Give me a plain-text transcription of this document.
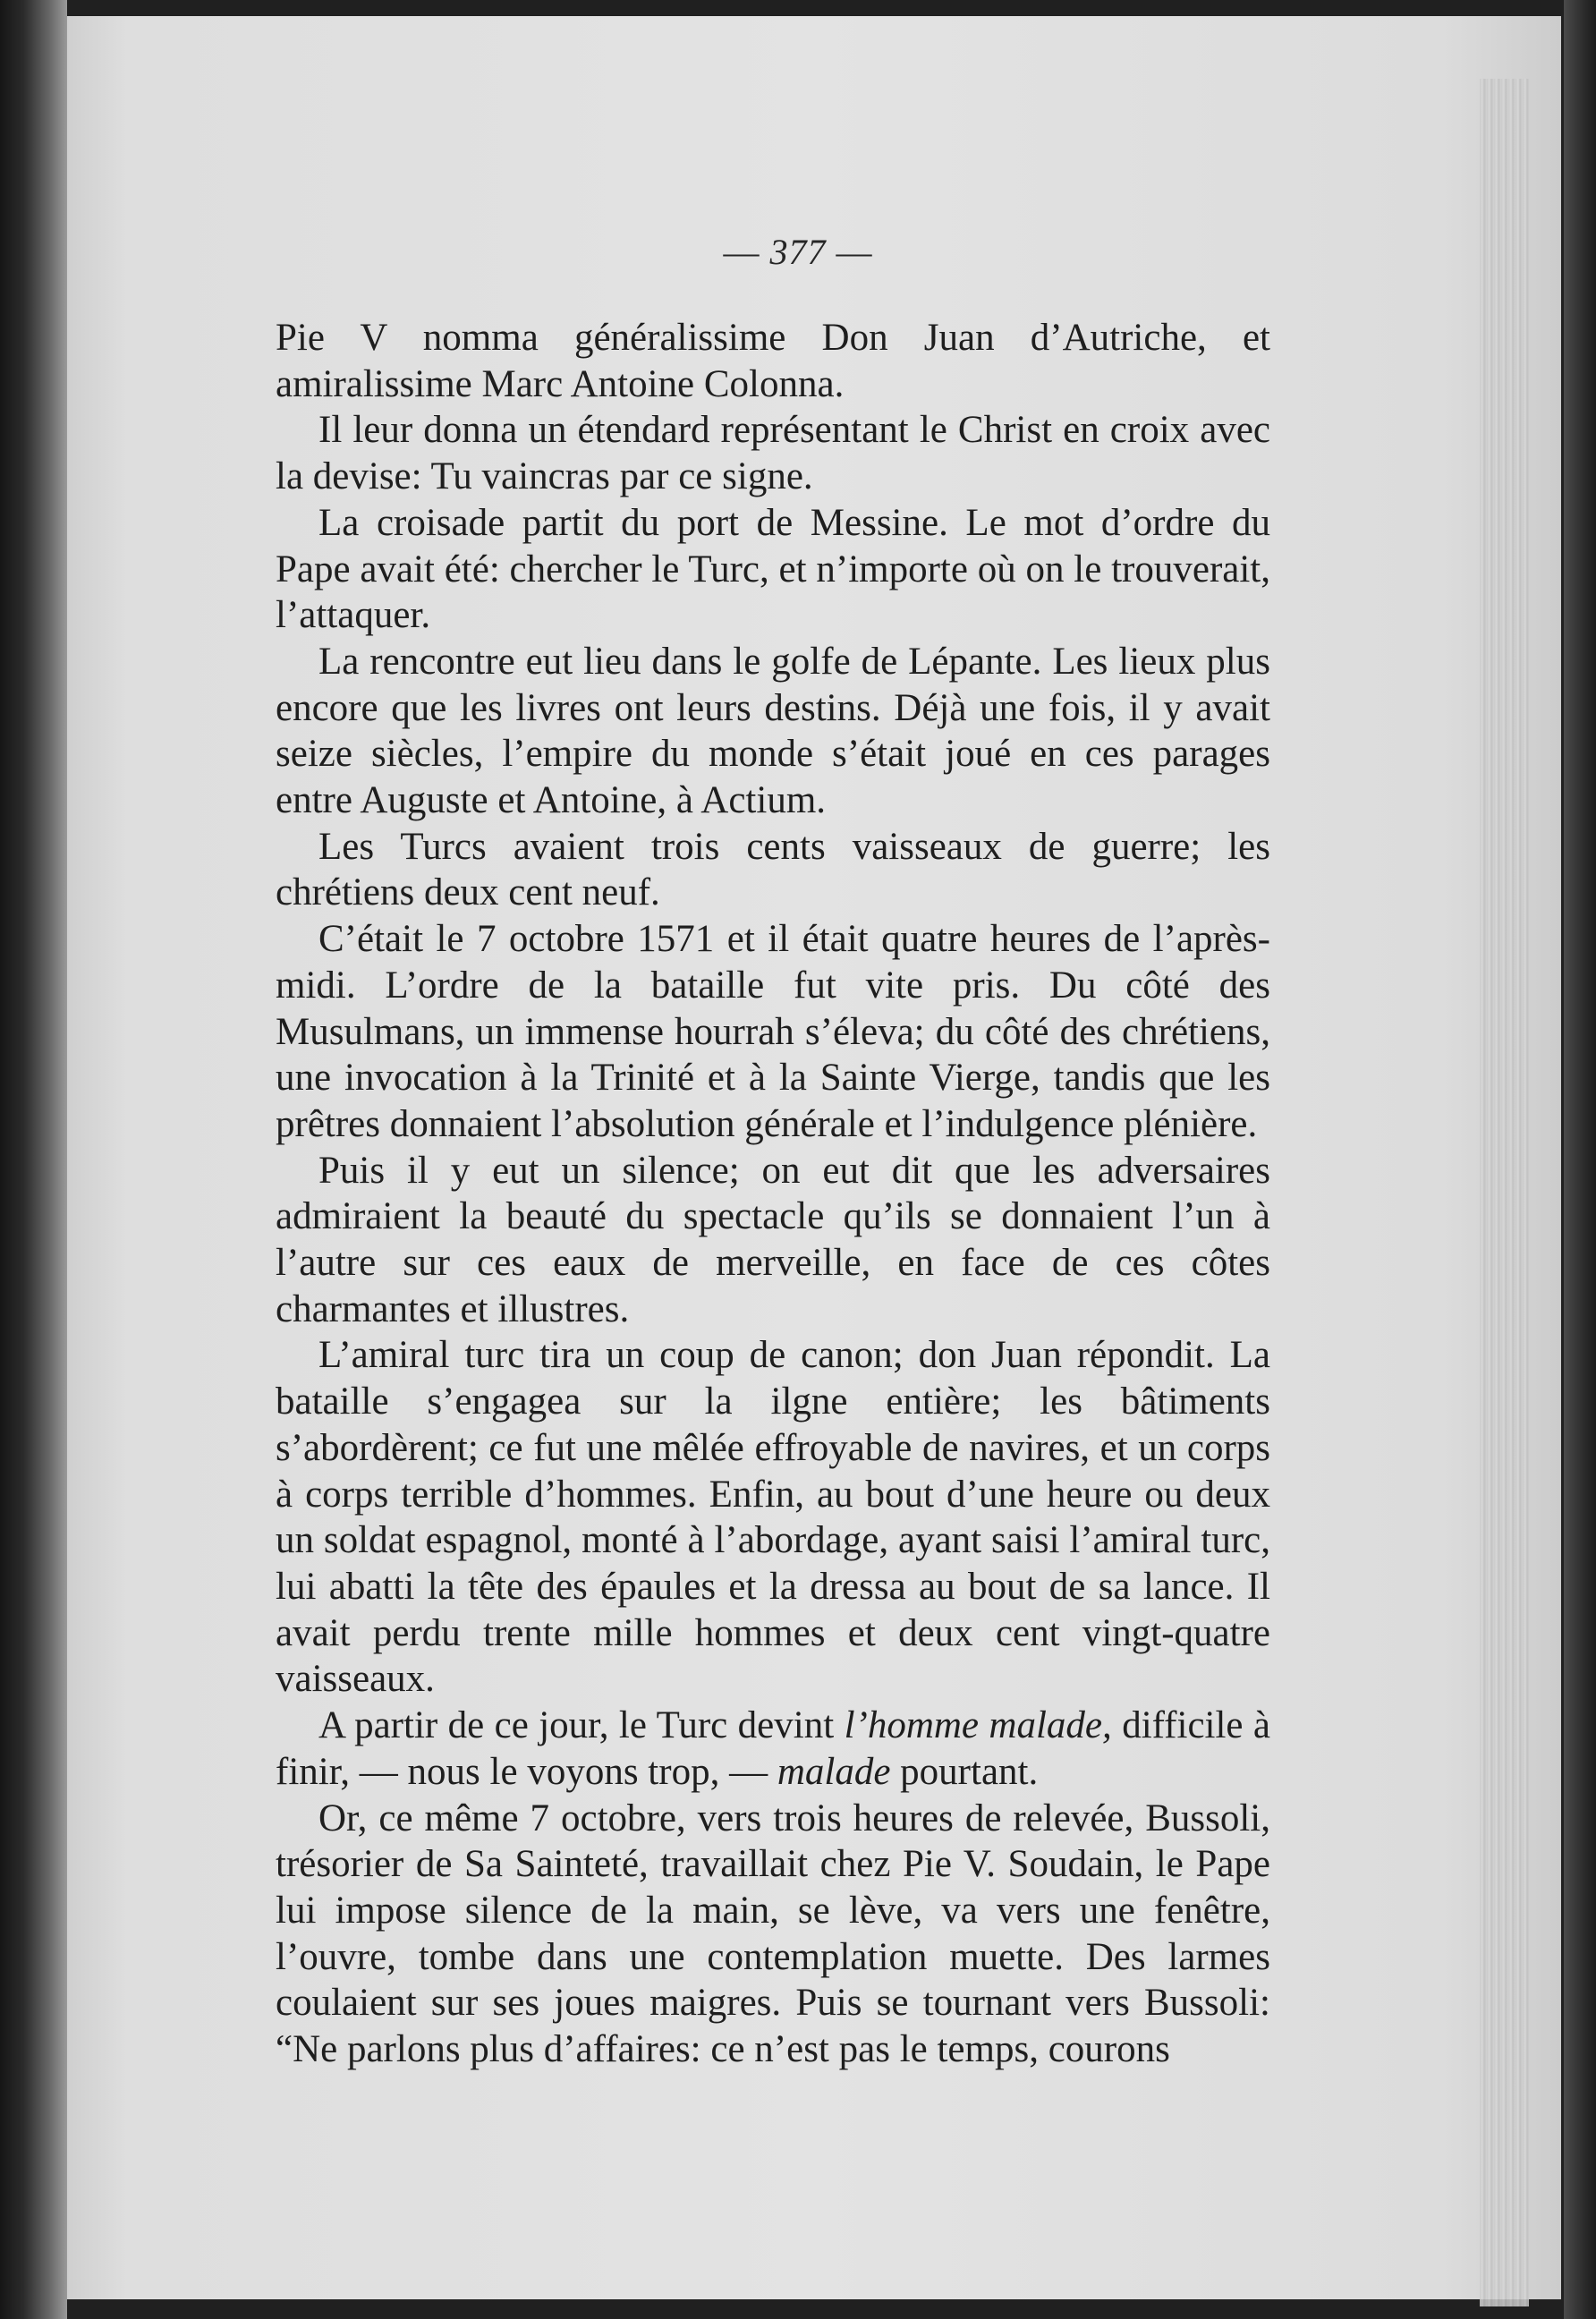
— 377 —

Pie V nomma généralissime Don Juan d’Autriche, et amiralissime Marc Antoine Colonna.

Il leur donna un étendard représentant le Christ en croix avec la devise: Tu vaincras par ce signe.

La croisade partit du port de Messine. Le mot d’ordre du Pape avait été: chercher le Turc, et n’importe où on le trouverait, l’attaquer.

La rencontre eut lieu dans le golfe de Lépante. Les lieux plus encore que les livres ont leurs destins. Déjà une fois, il y avait seize siècles, l’empire du monde s’était joué en ces parages entre Auguste et Antoine, à Actium.

Les Turcs avaient trois cents vaisseaux de guerre; les chrétiens deux cent neuf.

C’était le 7 octobre 1571 et il était quatre heures de l’après-midi. L’ordre de la bataille fut vite pris. Du côté des Musulmans, un immense hourrah s’éleva; du côté des chrétiens, une invocation à la Trinité et à la Sainte Vierge, tandis que les prêtres donnaient l’absolution générale et l’indulgence plénière.

Puis il y eut un silence; on eut dit que les adversaires admiraient la beauté du spectacle qu’ils se donnaient l’un à l’autre sur ces eaux de merveille, en face de ces côtes charmantes et illustres.

L’amiral turc tira un coup de canon; don Juan répondit. La bataille s’engagea sur la ilgne entière; les bâtiments s’abordèrent; ce fut une mêlée effroyable de navires, et un corps à corps terrible d’hommes. Enfin, au bout d’une heure ou deux un soldat espagnol, monté à l’abordage, ayant saisi l’amiral turc, lui abatti la tête des épaules et la dressa au bout de sa lance. Il avait perdu trente mille hommes et deux cent vingt-quatre vaisseaux.

A partir de ce jour, le Turc devint l’homme malade, difficile à finir, — nous le voyons trop, — malade pourtant.

Or, ce même 7 octobre, vers trois heures de relevée, Bussoli, trésorier de Sa Sainteté, travaillait chez Pie V. Soudain, le Pape lui impose silence de la main, se lève, va vers une fenêtre, l’ouvre, tombe dans une contemplation muette. Des larmes coulaient sur ses joues maigres. Puis se tournant vers Bussoli: “Ne parlons plus d’affaires: ce n’est pas le temps, courons
